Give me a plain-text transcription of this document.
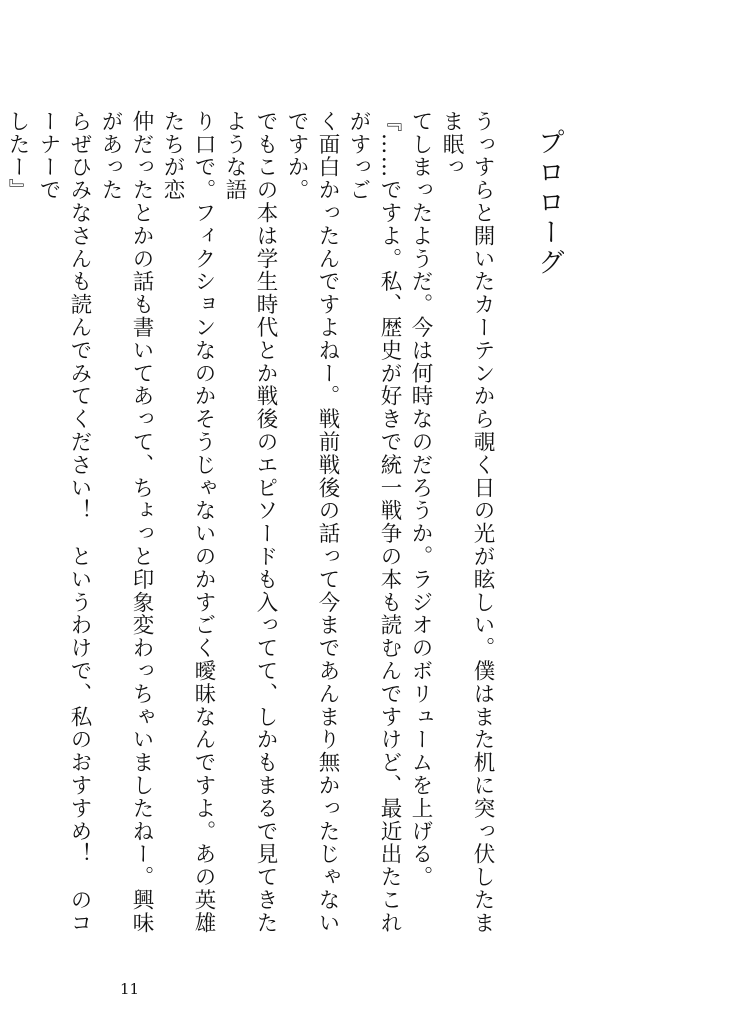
プロローグ

うっすらと開いたカーテンから覗く日の光が眩しい。僕はまた机に突っ伏したまま眠っ
てしまったようだ。今は何時なのだろうか。ラジオのボリュームを上げる。

『……ですよ。私、歴史が好きで統一戦争の本も読むんですけど、最近出たこれがすっご
く面白かったんですよねー。戦前戦後の話って今まであんまり無かったじゃないですか。
でもこの本は学生時代とか戦後のエピソードも入ってて、しかもまるで見てきたような語
り口で。フィクションなのかそうじゃないのかすごく曖昧なんですよ。あの英雄たちが恋
仲だったとかの話も書いてあって、ちょっと印象変わっちゃいましたねー。興味があった
らぜひみなさんも読んでみてください！　というわけで、私のおすすめ！　のコーナーで
したー』

11
